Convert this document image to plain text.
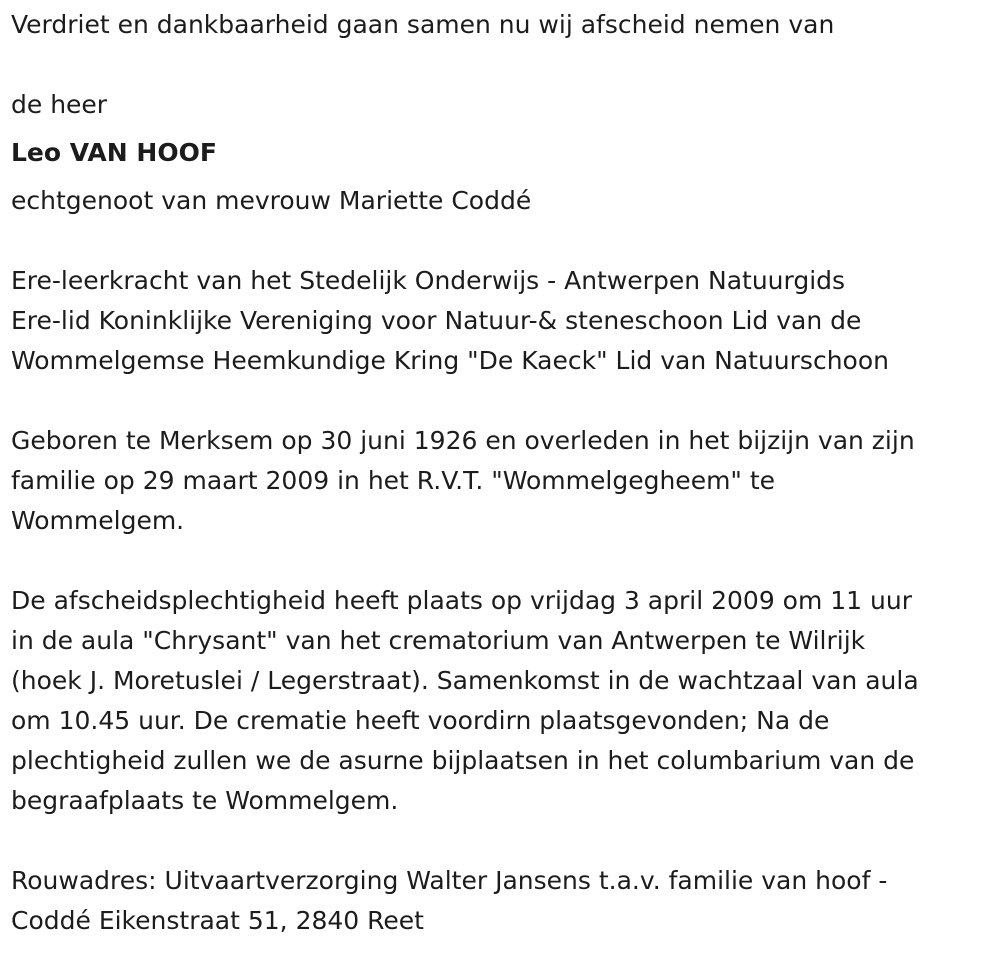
Verdriet en dankbaarheid gaan samen nu wij afscheid nemen van
de heer
Leo VAN HOOF
echtgenoot van mevrouw Mariette Coddé
Ere-leerkracht van het Stedelijk Onderwijs - Antwerpen Natuurgids
Ere-lid Koninklijke Vereniging voor Natuur-& steneschoon Lid van de
Wommelgemse Heemkundige Kring "De Kaeck" Lid van Natuurschoon
Geboren te Merksem op 30 juni 1926 en overleden in het bijzijn van zijn
familie op 29 maart 2009 in het R.V.T. "Wommelgegheem" te
Wommelgem.
De afscheidsplechtigheid heeft plaats op vrijdag 3 april 2009 om 11 uur
in de aula "Chrysant" van het crematorium van Antwerpen te Wilrijk
(hoek J. Moretuslei / Legerstraat). Samenkomst in de wachtzaal van aula
om 10.45 uur. De crematie heeft voordirn plaatsgevonden; Na de
plechtigheid zullen we de asurne bijplaatsen in het columbarium van de
begraafplaats te Wommelgem.
Rouwadres: Uitvaartverzorging Walter Jansens t.a.v. familie van hoof -
Coddé Eikenstraat 51, 2840 Reet
